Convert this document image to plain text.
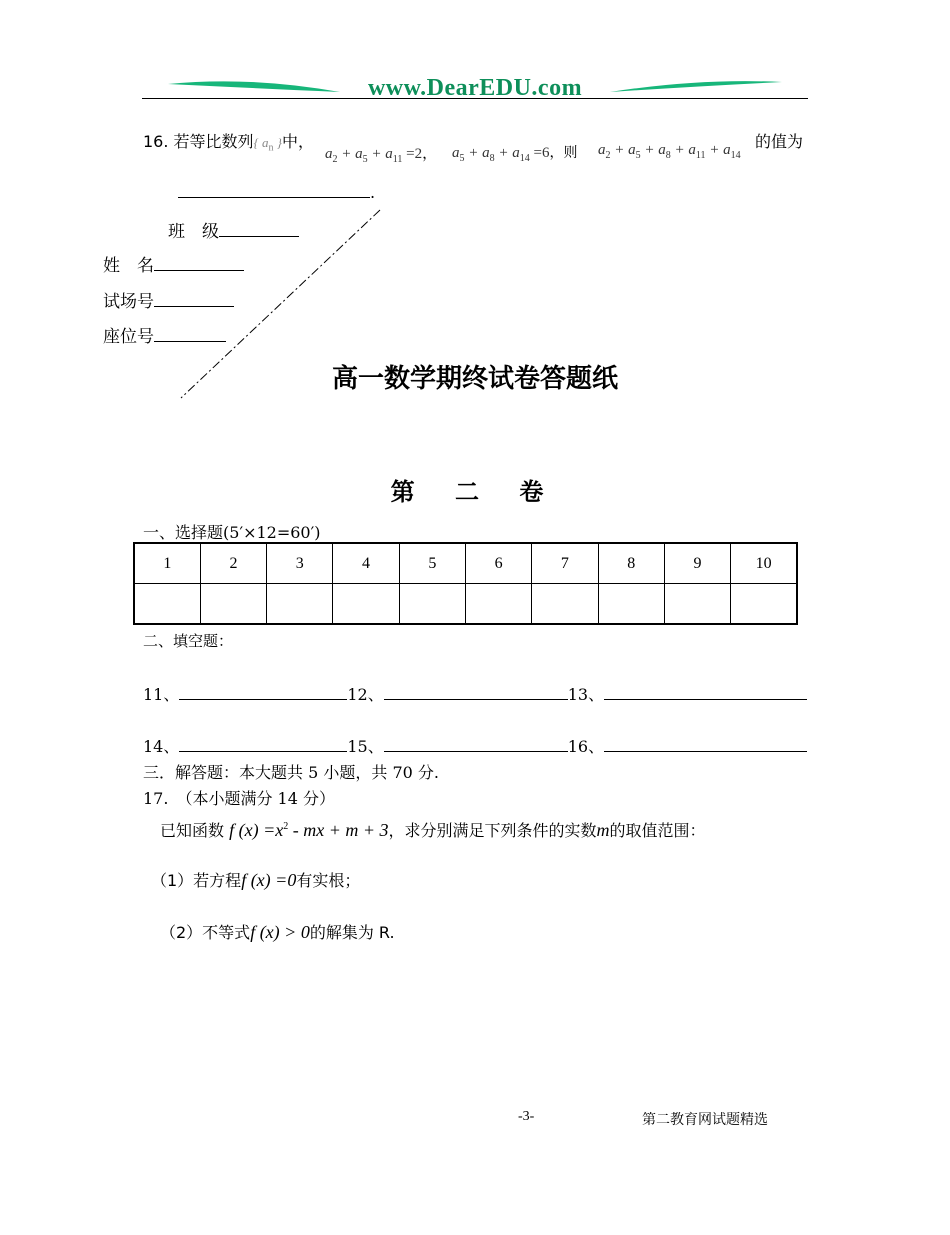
www.DearEDU.com
16. 若等比数列{ $a_n$ }中，
$a_2 + a_5 + a_{11} =2$， $a_5 + a_8 + a_{14} =6$，则 $a_2 + a_5 + a_8 + a_{11} + a_{14}$
的值为
.
班　级
姓　名
试场号
座位号
高一数学期终试卷答题纸
第 二 卷
一、选择题(5′×12=60′)
1	2	3	4	5	6	7	8	9	10

二、填空题：
11、	12、	13、
14、	15、	16、
三．解答题：本大题共 5 小题，共 70 分.
17.　（本小题满分 14 分）
已知函数 f $(x) =x^2$ - mx + m + 3，求分别满足下列条件的实数m的取值范围：
（1）若方程f (x) =0有实根；
（2）不等式f (x) > 0的解集为 R.
-3-	第二教育网试题精选
